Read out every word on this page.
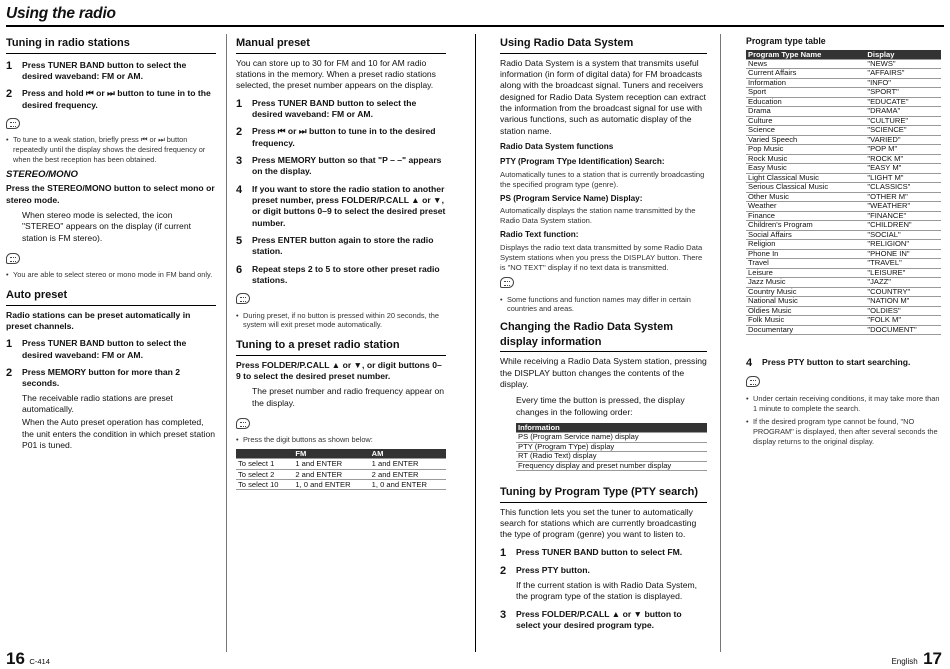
Using the radio
Tuning in radio stations
1	Press TUNER BAND button to select the desired waveband: FM or AM.
2	Press and hold ⏮ or ⏭ button to tune in to the desired frequency.
• To tune to a weak station, briefly press ⏮ or ⏭ button repeatedly until the display shows the desired frequency or when the best reception has been obtained.
STEREO/MONO
Press the STEREO/MONO button to select mono or stereo mode.
When stereo mode is selected, the icon "STEREO" appears on the display (if current station is FM stereo).
• You are able to select stereo or mono mode in FM band only.
Auto preset
Radio stations can be preset automatically in preset channels.
1	Press TUNER BAND button to select the desired waveband: FM or AM.
2	Press MEMORY button for more than 2 seconds.
The receivable radio stations are preset automatically.
When the Auto preset operation has completed, the unit enters the condition in which preset station P01 is tuned.
Manual preset
You can store up to 30 for FM and 10 for AM radio stations in the memory. When a preset radio stations selected, the preset number appears on the display.
1	Press TUNER BAND button to select the desired waveband: FM or AM.
2	Press ⏮ or ⏭ button to tune in to the desired frequency.
3	Press MEMORY button so that "P – –" appears on the display.
4	If you want to store the radio station to another preset number, press FOLDER/P.CALL ▲ or ▼, or digit buttons 0–9 to select the desired preset number.
5	Press ENTER button again to store the radio station.
6	Repeat steps 2 to 5 to store other preset radio stations.
• During preset, if no button is pressed within 20 seconds, the system will exit preset mode automatically.
Tuning to a preset radio station
Press FOLDER/P.CALL ▲ or ▼, or digit buttons 0–9 to select the desired preset number.
The preset number and radio frequency appear on the display.
• Press the digit buttons as shown below:
	FM	AM
To select 1	1 and ENTER	1 and ENTER
To select 2	2 and ENTER	2 and ENTER
To select 10	1, 0 and ENTER	1, 0 and ENTER
Using Radio Data System
Radio Data System is a system that transmits useful information (in form of digital data) for FM broadcasts along with the broadcast signal. Tuners and receivers designed for Radio Data System reception can extract the information from the broadcast signal for use with various functions, such as automatic display of the station name.
Radio Data System functions
PTY (Program TYpe Identification) Search:
Automatically tunes to a station that is currently broadcasting the specified program type (genre).
PS (Program Service Name) Display:
Automatically displays the station name transmitted by the Radio Data System station.
Radio Text function:
Displays the radio text data transmitted by some Radio Data System stations when you press the DISPLAY button. There is "NO TEXT" display if no text data is transmitted.
• Some functions and function names may differ in certain countries and areas.
Changing the Radio Data System display information
While receiving a Radio Data System station, pressing the DISPLAY button changes the contents of the display.
Every time the button is pressed, the display changes in the following order:
Information
PS (Program Service name) display
PTY (Program TYpe) display
RT (Radio Text) display
Frequency display and preset number display
Tuning by Program Type (PTY search)
This function lets you set the tuner to automatically search for stations which are currently broadcasting the type of program (genre) you want to listen to.
1	Press TUNER BAND button to select FM.
2	Press PTY button.
If the current station is with Radio Data System, the program type of the station is displayed.
3	Press FOLDER/P.CALL ▲ or ▼ button to select your desired program type.
Program type table
Program Type Name	Display
News	"NEWS"
Current Affairs	"AFFAIRS"
Information	"INFO"
Sport	"SPORT"
Education	"EDUCATE"
Drama	"DRAMA"
Culture	"CULTURE"
Science	"SCIENCE"
Varied Speech	"VARIED"
Pop Music	"POP M"
Rock Music	"ROCK M"
Easy Music	"EASY M"
Light Classical Music	"LIGHT M"
Serious Classical Music	"CLASSICS"
Other Music	"OTHER M"
Weather	"WEATHER"
Finance	"FINANCE"
Children's Program	"CHILDREN"
Social Affairs	"SOCIAL"
Religion	"RELIGION"
Phone In	"PHONE IN"
Travel	"TRAVEL"
Leisure	"LEISURE"
Jazz Music	"JAZZ"
Country Music	"COUNTRY"
National Music	"NATION M"
Oldies Music	"OLDIES"
Folk Music	"FOLK M"
Documentary	"DOCUMENT"
4	Press PTY button to start searching.
• Under certain receiving conditions, it may take more than 1 minute to complete the search.
• If the desired program type cannot be found, "NO PROGRAM" is displayed, then after several seconds the display returns to the original display.
16 C-414	English 17
